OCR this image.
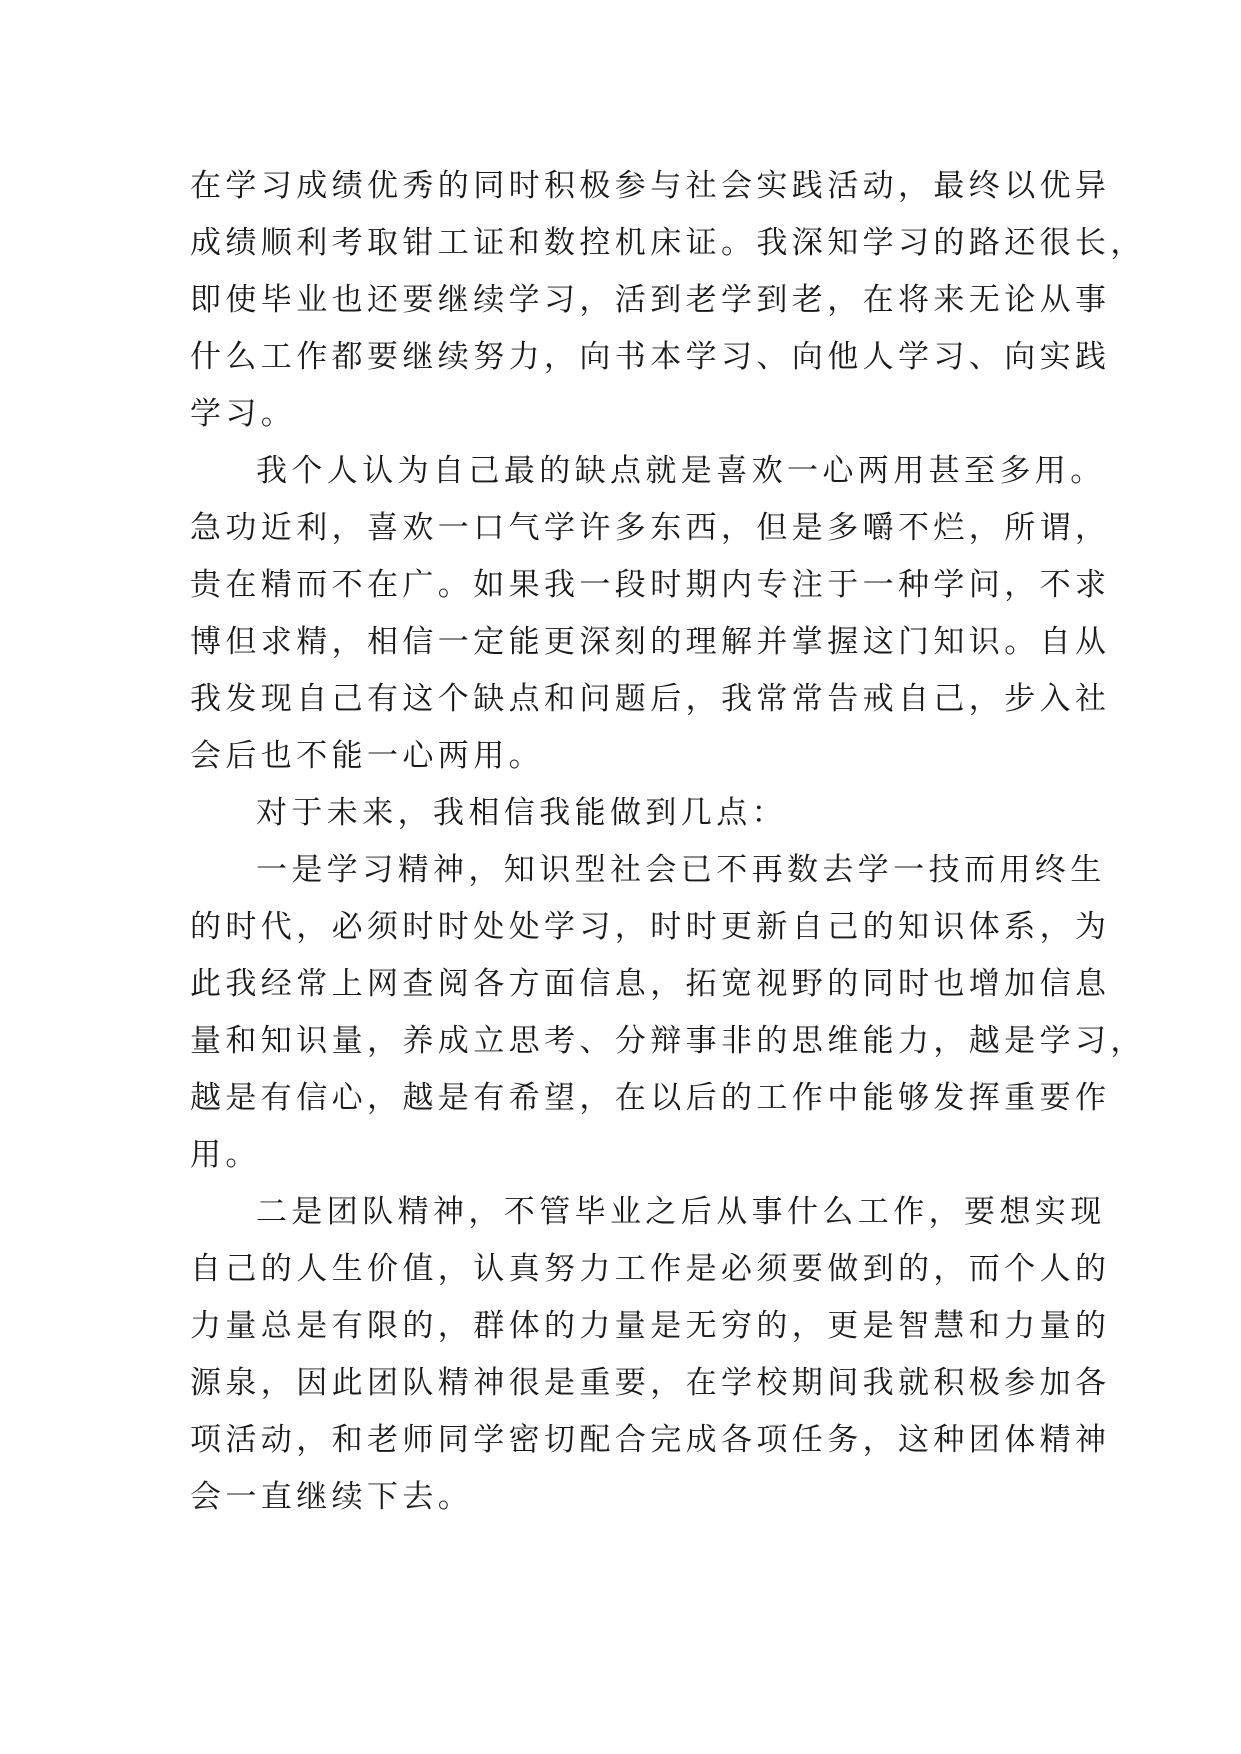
在学习成绩优秀的同时积极参与社会实践活动，最终以优异
成绩顺利考取钳工证和数控机床证。我深知学习的路还很长，
即使毕业也还要继续学习，活到老学到老，在将来无论从事
什么工作都要继续努力，向书本学习、向他人学习、向实践
学习。
我个人认为自己最的缺点就是喜欢一心两用甚至多用。
急功近利，喜欢一口气学许多东西，但是多嚼不烂，所谓，
贵在精而不在广。如果我一段时期内专注于一种学问，不求
博但求精，相信一定能更深刻的理解并掌握这门知识。自从
我发现自己有这个缺点和问题后，我常常告戒自己，步入社
会后也不能一心两用。
对于未来，我相信我能做到几点：
一是学习精神，知识型社会已不再数去学一技而用终生
的时代，必须时时处处学习，时时更新自己的知识体系，为
此我经常上网查阅各方面信息，拓宽视野的同时也增加信息
量和知识量，养成立思考、分辩事非的思维能力，越是学习，
越是有信心，越是有希望，在以后的工作中能够发挥重要作
用。
二是团队精神，不管毕业之后从事什么工作，要想实现
自己的人生价值，认真努力工作是必须要做到的，而个人的
力量总是有限的，群体的力量是无穷的，更是智慧和力量的
源泉，因此团队精神很是重要，在学校期间我就积极参加各
项活动，和老师同学密切配合完成各项任务，这种团体精神
会一直继续下去。
